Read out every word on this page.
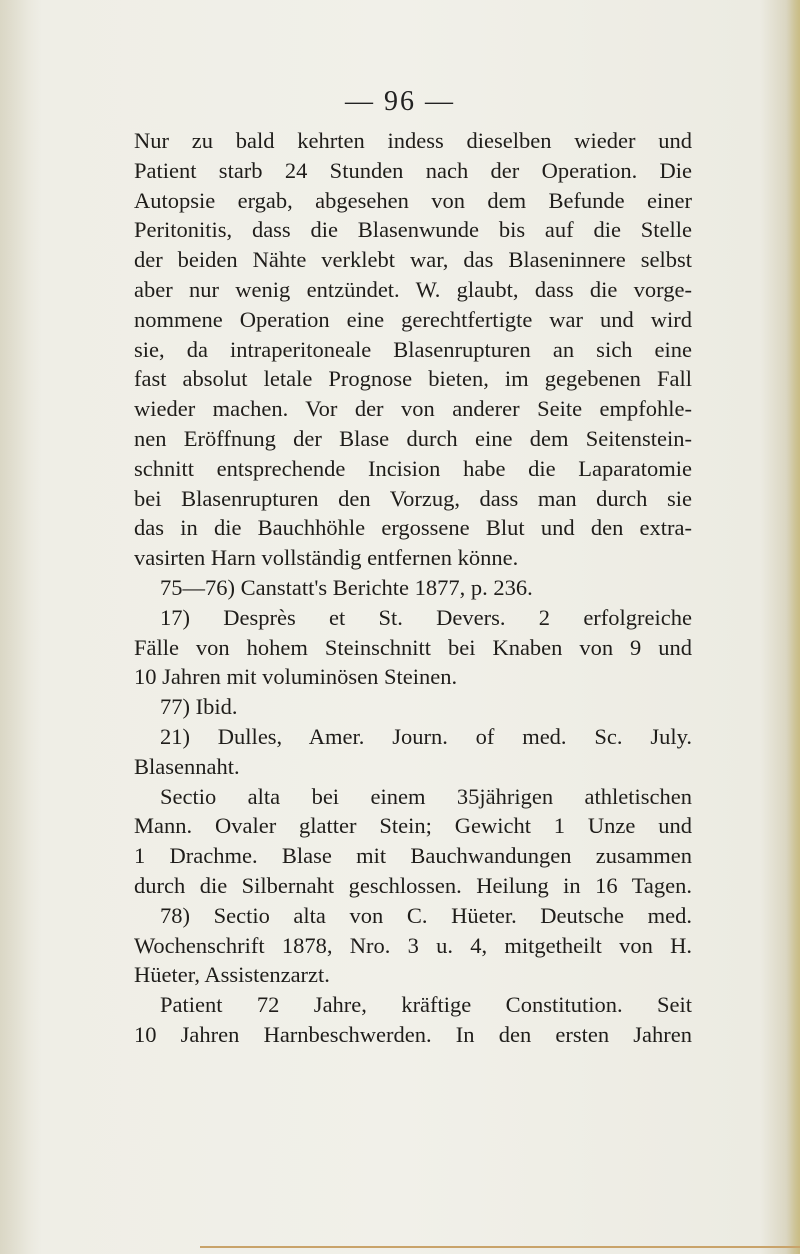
— 96 —
Nur zu bald kehrten indess dieselben wieder und
Patient starb 24 Stunden nach der Operation. Die
Autopsie ergab, abgesehen von dem Befunde einer
Peritonitis, dass die Blasenwunde bis auf die Stelle
der beiden Nähte verklebt war, das Blaseninnere selbst
aber nur wenig entzündet. W. glaubt, dass die vorge-
nommene Operation eine gerechtfertigte war und wird
sie, da intraperitoneale Blasenrupturen an sich eine
fast absolut letale Prognose bieten, im gegebenen Fall
wieder machen. Vor der von anderer Seite empfohle-
nen Eröffnung der Blase durch eine dem Seitenstein-
schnitt entsprechende Incision habe die Laparatomie
bei Blasenrupturen den Vorzug, dass man durch sie
das in die Bauchhöhle ergossene Blut und den extra-
vasirten Harn vollständig entfernen könne.
75—76) Canstatt's Berichte 1877, p. 236.
17) Desprès et St. Devers. 2 erfolgreiche
Fälle von hohem Steinschnitt bei Knaben von 9 und
10 Jahren mit voluminösen Steinen.
77) Ibid.
21) Dulles, Amer. Journ. of med. Sc. July.
Blasennaht.
Sectio alta bei einem 35jährigen athletischen
Mann. Ovaler glatter Stein; Gewicht 1 Unze und
1 Drachme. Blase mit Bauchwandungen zusammen
durch die Silbernaht geschlossen. Heilung in 16 Tagen.
78) Sectio alta von C. Hüeter. Deutsche med.
Wochenschrift 1878, Nro. 3 u. 4, mitgetheilt von H.
Hüeter, Assistenzarzt.
Patient 72 Jahre, kräftige Constitution. Seit
10 Jahren Harnbeschwerden. In den ersten Jahren
